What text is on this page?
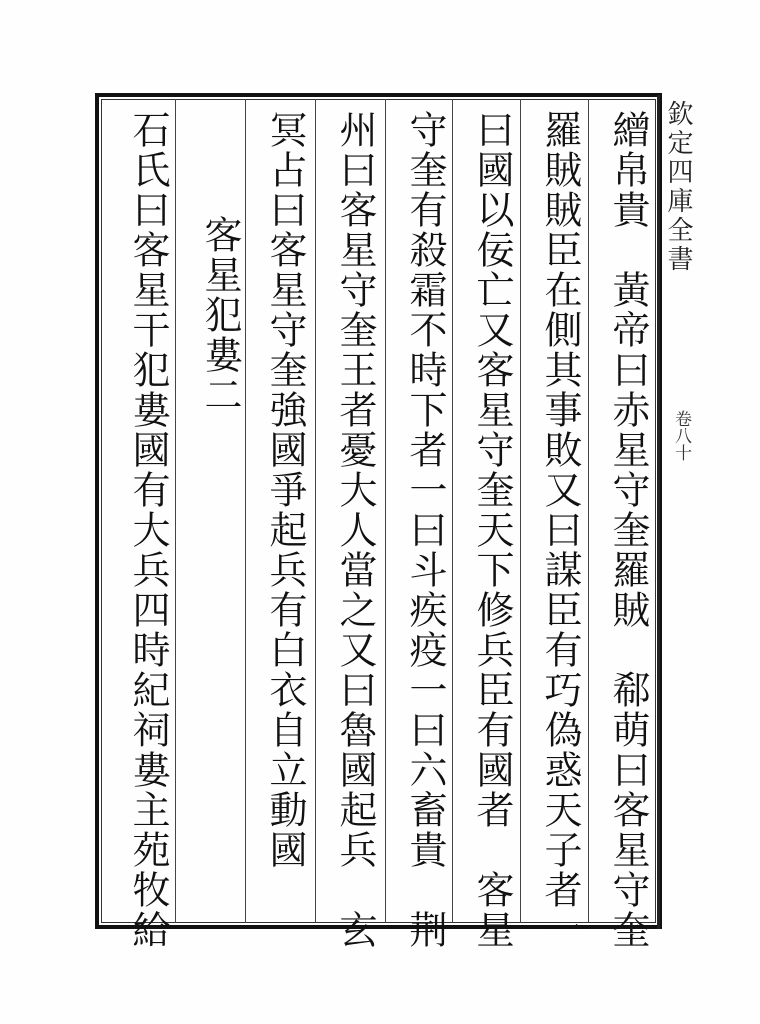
欽定四庫全書
卷八十
繒帛貴　黃帝曰赤星守奎羅賊　郗萌曰客星守奎
羅賊賊臣在側其事敗又曰謀臣有巧偽惑天子者一
曰國以佞亡又客星守奎天下修兵臣有國者　客星
守奎有殺霜不時下者一曰斗疾疫一曰六畜貴　荆
州曰客星守奎王者憂大人當之又曰魯國起兵　玄
冥占曰客星守奎強國爭起兵有白衣自立動國
客星犯婁二
石氏曰客星干犯婁國有大兵四時紀祠婁主苑牧給
